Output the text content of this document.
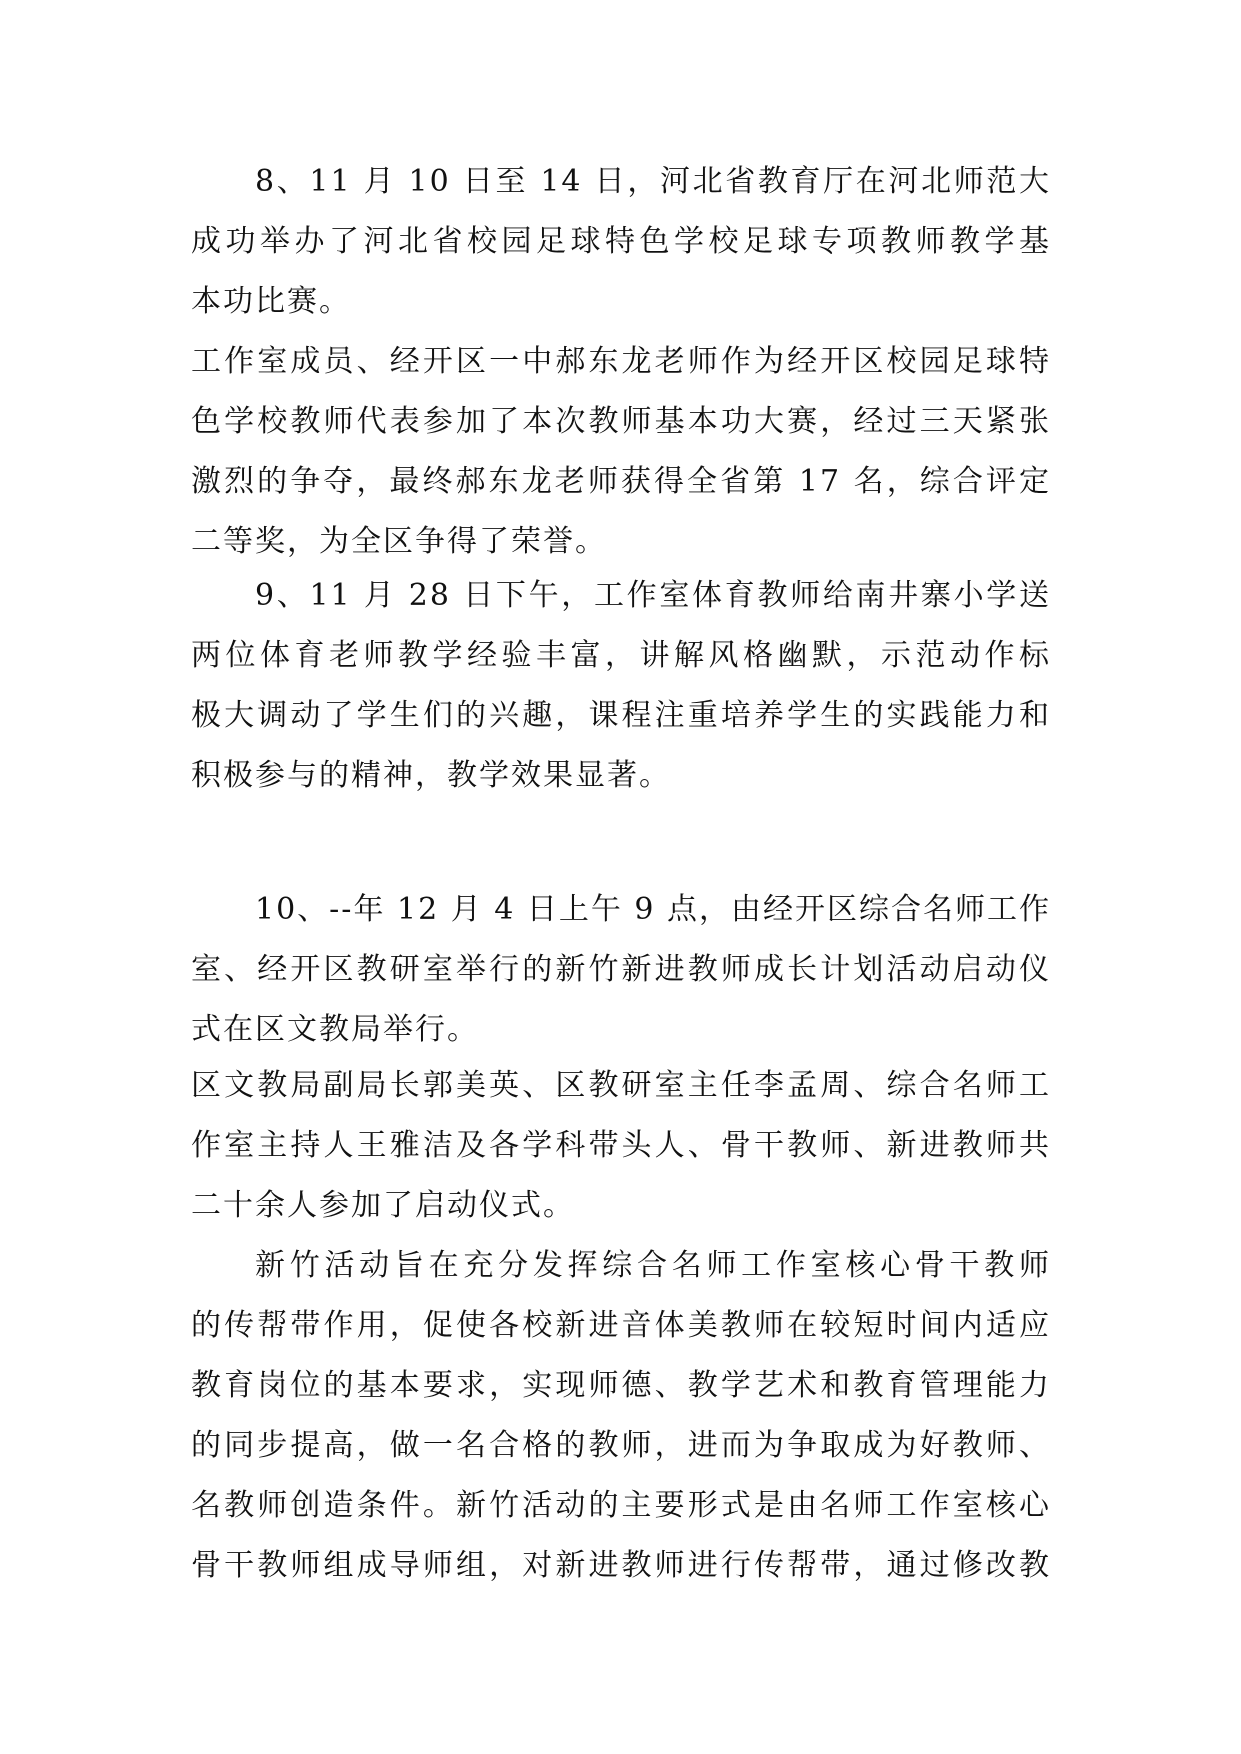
8、11 月 10 日至 14 日，河北省教育厅在河北师范大
成功举办了河北省校园足球特色学校足球专项教师教学基
本功比赛。
工作室成员、经开区一中郝东龙老师作为经开区校园足球特
色学校教师代表参加了本次教师基本功大赛，经过三天紧张
激烈的争夺，最终郝东龙老师获得全省第 17 名，综合评定
二等奖，为全区争得了荣誉。
9、11 月 28 日下午，工作室体育教师给南井寨小学送
两位体育老师教学经验丰富，讲解风格幽默，示范动作标
极大调动了学生们的兴趣，课程注重培养学生的实践能力和
积极参与的精神，教学效果显著。
10、--年 12 月 4 日上午 9 点，由经开区综合名师工作
室、经开区教研室举行的新竹新进教师成长计划活动启动仪
式在区文教局举行。
区文教局副局长郭美英、区教研室主任李孟周、综合名师工
作室主持人王雅洁及各学科带头人、骨干教师、新进教师共
二十余人参加了启动仪式。
新竹活动旨在充分发挥综合名师工作室核心骨干教师
的传帮带作用，促使各校新进音体美教师在较短时间内适应
教育岗位的基本要求，实现师德、教学艺术和教育管理能力
的同步提高，做一名合格的教师，进而为争取成为好教师、
名教师创造条件。新竹活动的主要形式是由名师工作室核心
骨干教师组成导师组，对新进教师进行传帮带，通过修改教
